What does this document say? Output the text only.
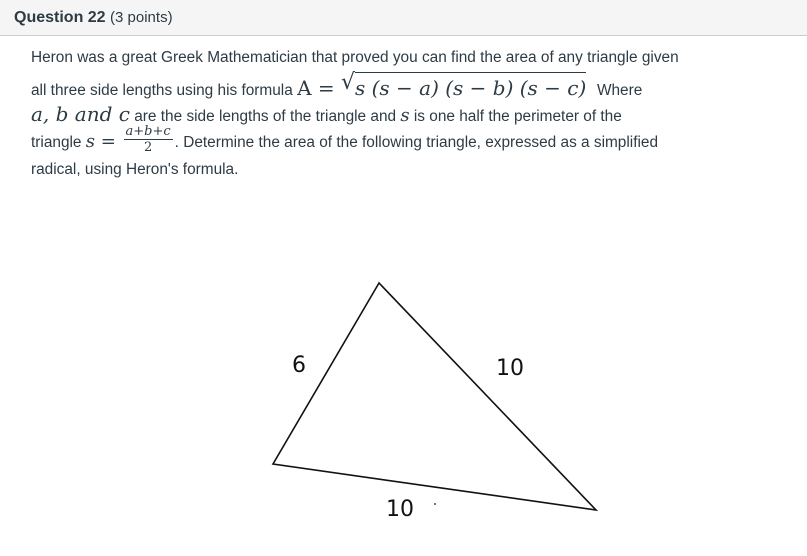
Question 22 (3 points)
Heron was a great Greek Mathematician that proved you can find the area of any triangle given
all three side lengths using his formula A = √ s (s − a) (s − b) (s − c) Where
a, b and c are the side lengths of the triangle and s is one half the perimeter of the
triangle $s = \frac{a+b+c}{2}$ . Determine the area of the following triangle, expressed as a simplified
radical, using Heron's formula.
6	10
10
